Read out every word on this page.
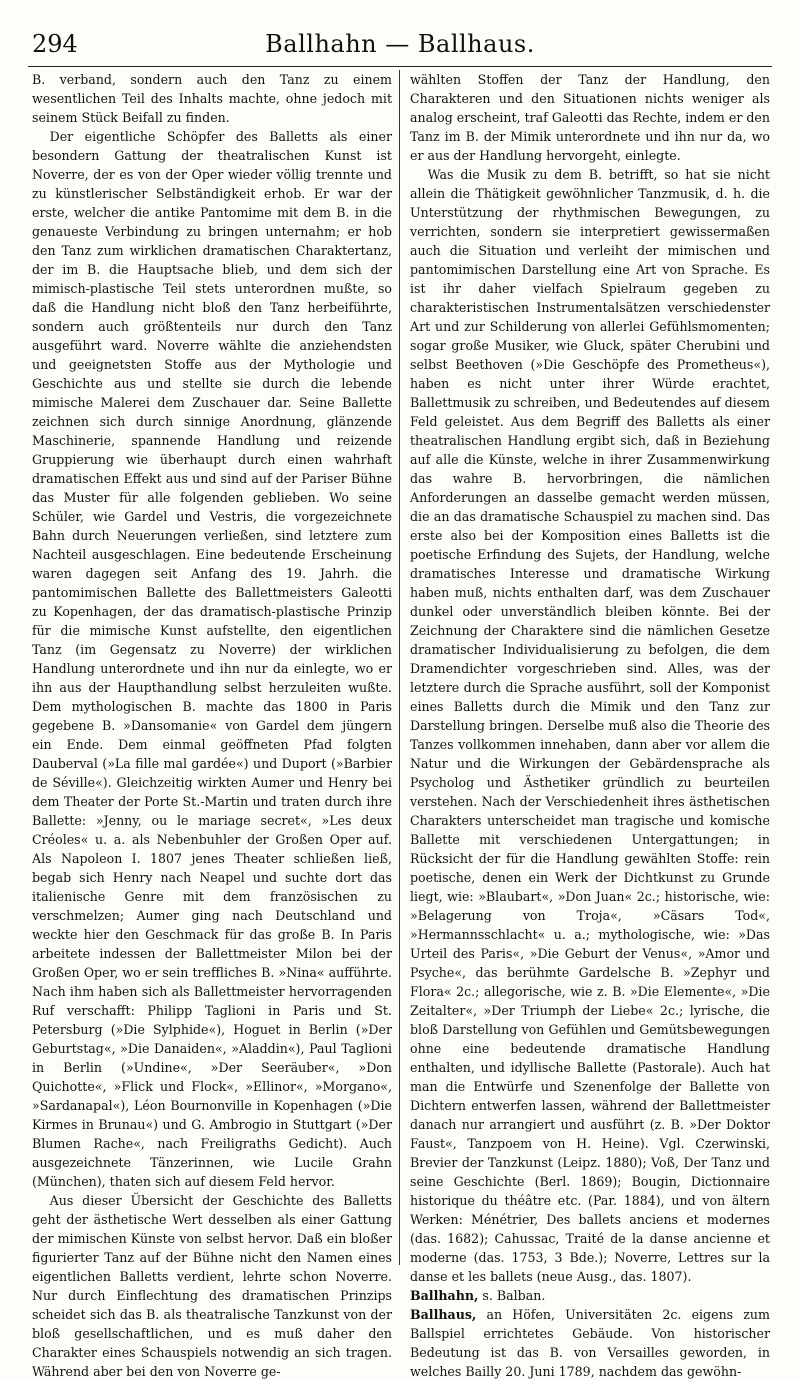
294	Ballhahn — Ballhaus.

B. verband, sondern auch den Tanz zu einem wesentlichen Teil des Inhalts machte, ohne jedoch mit seinem Stück Beifall zu finden.

Der eigentliche Schöpfer des Balletts als einer besondern Gattung der theatralischen Kunst ist Noverre, der es von der Oper wieder völlig trennte und zu künstlerischer Selbständigkeit erhob. Er war der erste, welcher die antike Pantomime mit dem B. in die genaueste Verbindung zu bringen unternahm; er hob den Tanz zum wirklichen dramatischen Charaktertanz, der im B. die Hauptsache blieb, und dem sich der mimisch-plastische Teil stets unterordnen mußte, so daß die Handlung nicht bloß den Tanz herbeiführte, sondern auch größtenteils nur durch den Tanz ausgeführt ward. Noverre wählte die anziehendsten und geeignetsten Stoffe aus der Mythologie und Geschichte aus und stellte sie durch die lebende mimische Malerei dem Zuschauer dar. Seine Ballette zeichnen sich durch sinnige Anordnung, glänzende Maschinerie, spannende Handlung und reizende Gruppierung wie überhaupt durch einen wahrhaft dramatischen Effekt aus und sind auf der Pariser Bühne das Muster für alle folgenden geblieben. Wo seine Schüler, wie Gardel und Vestris, die vorgezeichnete Bahn durch Neuerungen verließen, sind letztere zum Nachteil ausgeschlagen. Eine bedeutende Erscheinung waren dagegen seit Anfang des 19. Jahrh. die pantomimischen Ballette des Ballettmeisters Galeotti zu Kopenhagen, der das dramatisch-plastische Prinzip für die mimische Kunst aufstellte, den eigentlichen Tanz (im Gegensatz zu Noverre) der wirklichen Handlung unterordnete und ihn nur da einlegte, wo er ihn aus der Haupthandlung selbst herzuleiten wußte. Dem mythologischen B. machte das 1800 in Paris gegebene B. »Dansomanie« von Gardel dem jüngern ein Ende. Dem einmal geöffneten Pfad folgten Dauberval (»La fille mal gardée«) und Duport (»Barbier de Séville«). Gleichzeitig wirkten Aumer und Henry bei dem Theater der Porte St.-Martin und traten durch ihre Ballette: »Jenny, ou le mariage secret«, »Les deux Créoles« u. a. als Nebenbuhler der Großen Oper auf. Als Napoleon I. 1807 jenes Theater schließen ließ, begab sich Henry nach Neapel und suchte dort das italienische Genre mit dem französischen zu verschmelzen; Aumer ging nach Deutschland und weckte hier den Geschmack für das große B. In Paris arbeitete indessen der Ballettmeister Milon bei der Großen Oper, wo er sein treffliches B. »Nina« aufführte. Nach ihm haben sich als Ballettmeister hervorragenden Ruf verschafft: Philipp Taglioni in Paris und St. Petersburg (»Die Sylphide«), Hoguet in Berlin (»Der Geburtstag«, »Die Danaiden«, »Aladdin«), Paul Taglioni in Berlin (»Undine«, »Der Seeräuber«, »Don Quichotte«, »Flick und Flock«, »Ellinor«, »Morgano«, »Sardanapal«), Léon Bournonville in Kopenhagen (»Die Kirmes in Brunau«) und G. Ambrogio in Stuttgart (»Der Blumen Rache«, nach Freiligraths Gedicht). Auch ausgezeichnete Tänzerinnen, wie Lucile Grahn (München), thaten sich auf diesem Feld hervor.

Aus dieser Übersicht der Geschichte des Balletts geht der ästhetische Wert desselben als einer Gattung der mimischen Künste von selbst hervor. Daß ein bloßer figurierter Tanz auf der Bühne nicht den Namen eines eigentlichen Balletts verdient, lehrte schon Noverre. Nur durch Einflechtung des dramatischen Prinzips scheidet sich das B. als theatralische Tanzkunst von der bloß gesellschaftlichen, und es muß daher den Charakter eines Schauspiels notwendig an sich tragen. Während aber bei den von Noverre ge-

wählten Stoffen der Tanz der Handlung, den Charakteren und den Situationen nichts weniger als analog erscheint, traf Galeotti das Rechte, indem er den Tanz im B. der Mimik unterordnete und ihn nur da, wo er aus der Handlung hervorgeht, einlegte.

Was die Musik zu dem B. betrifft, so hat sie nicht allein die Thätigkeit gewöhnlicher Tanzmusik, d. h. die Unterstützung der rhythmischen Bewegungen, zu verrichten, sondern sie interpretiert gewissermaßen auch die Situation und verleiht der mimischen und pantomimischen Darstellung eine Art von Sprache. Es ist ihr daher vielfach Spielraum gegeben zu charakteristischen Instrumentalsätzen verschiedenster Art und zur Schilderung von allerlei Gefühlsmomenten; sogar große Musiker, wie Gluck, später Cherubini und selbst Beethoven (»Die Geschöpfe des Prometheus«), haben es nicht unter ihrer Würde erachtet, Ballettmusik zu schreiben, und Bedeutendes auf diesem Feld geleistet. Aus dem Begriff des Balletts als einer theatralischen Handlung ergibt sich, daß in Beziehung auf alle die Künste, welche in ihrer Zusammenwirkung das wahre B. hervorbringen, die nämlichen Anforderungen an dasselbe gemacht werden müssen, die an das dramatische Schauspiel zu machen sind. Das erste also bei der Komposition eines Balletts ist die poetische Erfindung des Sujets, der Handlung, welche dramatisches Interesse und dramatische Wirkung haben muß, nichts enthalten darf, was dem Zuschauer dunkel oder unverständlich bleiben könnte. Bei der Zeichnung der Charaktere sind die nämlichen Gesetze dramatischer Individualisierung zu befolgen, die dem Dramendichter vorgeschrieben sind. Alles, was der letztere durch die Sprache ausführt, soll der Komponist eines Balletts durch die Mimik und den Tanz zur Darstellung bringen. Derselbe muß also die Theorie des Tanzes vollkommen innehaben, dann aber vor allem die Natur und die Wirkungen der Gebärdensprache als Psycholog und Ästhetiker gründlich zu beurteilen verstehen. Nach der Verschiedenheit ihres ästhetischen Charakters unterscheidet man tragische und komische Ballette mit verschiedenen Untergattungen; in Rücksicht der für die Handlung gewählten Stoffe: rein poetische, denen ein Werk der Dichtkunst zu Grunde liegt, wie: »Blaubart«, »Don Juan« 2c.; historische, wie: »Belagerung von Troja«, »Cäsars Tod«, »Hermannsschlacht« u. a.; mythologische, wie: »Das Urteil des Paris«, »Die Geburt der Venus«, »Amor und Psyche«, das berühmte Gardelsche B. »Zephyr und Flora« 2c.; allegorische, wie z. B. »Die Elemente«, »Die Zeitalter«, »Der Triumph der Liebe« 2c.; lyrische, die bloß Darstellung von Gefühlen und Gemütsbewegungen ohne eine bedeutende dramatische Handlung enthalten, und idyllische Ballette (Pastorale). Auch hat man die Entwürfe und Szenenfolge der Ballette von Dichtern entwerfen lassen, während der Ballettmeister danach nur arrangiert und ausführt (z. B. »Der Doktor Faust«, Tanzpoem von H. Heine). Vgl. Czerwinski, Brevier der Tanzkunst (Leipz. 1880); Voß, Der Tanz und seine Geschichte (Berl. 1869); Bougin, Dictionnaire historique du théâtre etc. (Par. 1884), und von ältern Werken: Ménétrier, Des ballets anciens et modernes (das. 1682); Cahussac, Traité de la danse ancienne et moderne (das. 1753, 3 Bde.); Noverre, Lettres sur la danse et les ballets (neue Ausg., das. 1807).

Ballhahn, s. Balban.

Ballhaus, an Höfen, Universitäten 2c. eigens zum Ballspiel errichtetes Gebäude. Von historischer Bedeutung ist das B. von Versailles geworden, in welches Bailly 20. Juni 1789, nachdem das gewöhn-
